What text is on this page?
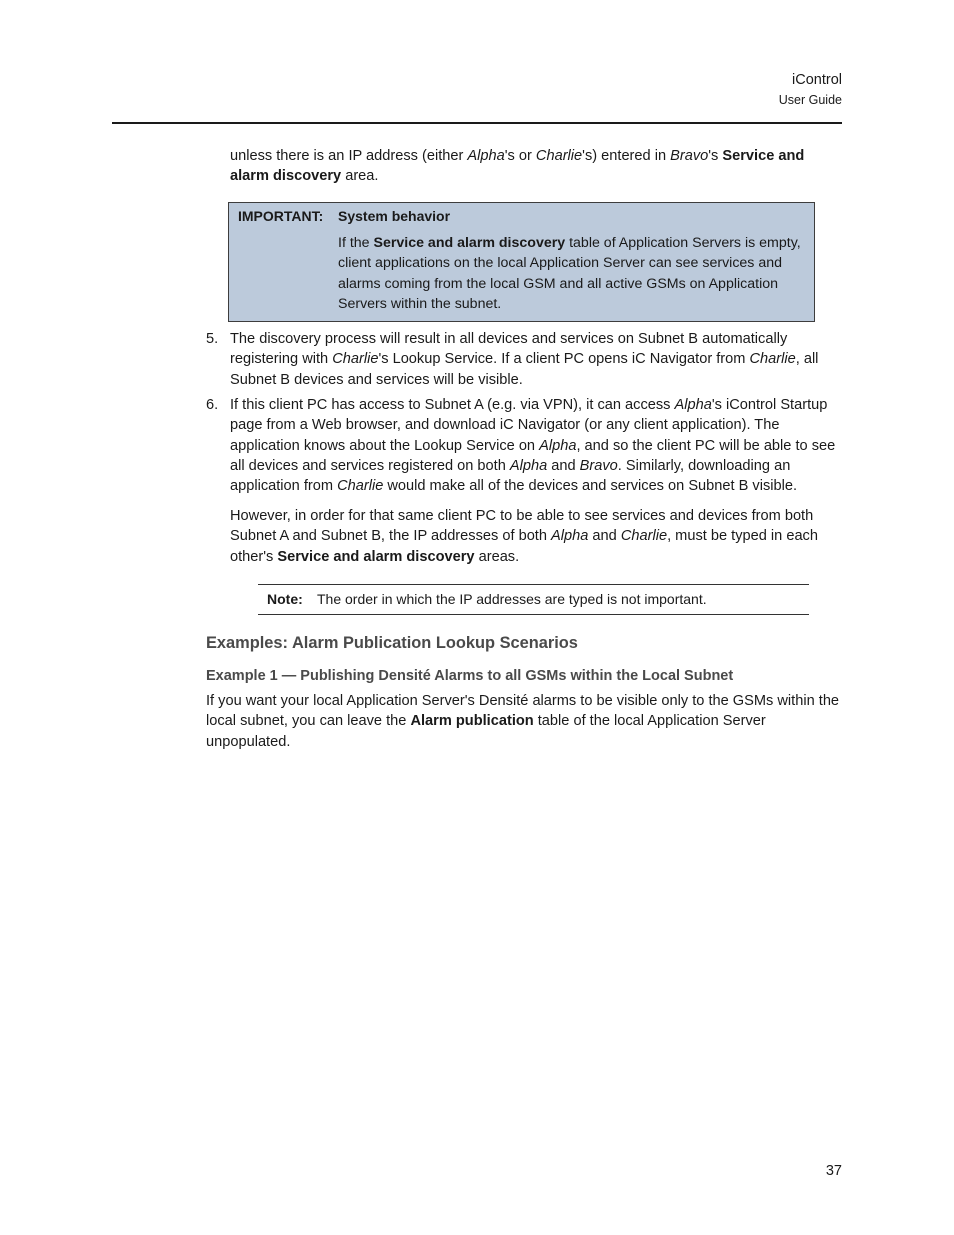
iControl
User Guide
unless there is an IP address (either Alpha's or Charlie's) entered in Bravo's Service and alarm discovery area.
IMPORTANT: System behavior
If the Service and alarm discovery table of Application Servers is empty, client applications on the local Application Server can see services and alarms coming from the local GSM and all active GSMs on Application Servers within the subnet.
5. The discovery process will result in all devices and services on Subnet B automatically registering with Charlie's Lookup Service. If a client PC opens iC Navigator from Charlie, all Subnet B devices and services will be visible.
6. If this client PC has access to Subnet A (e.g. via VPN), it can access Alpha's iControl Startup page from a Web browser, and download iC Navigator (or any client application). The application knows about the Lookup Service on Alpha, and so the client PC will be able to see all devices and services registered on both Alpha and Bravo. Similarly, downloading an application from Charlie would make all of the devices and services on Subnet B visible.
However, in order for that same client PC to be able to see services and devices from both Subnet A and Subnet B, the IP addresses of both Alpha and Charlie, must be typed in each other's Service and alarm discovery areas.
Note: The order in which the IP addresses are typed is not important.
Examples: Alarm Publication Lookup Scenarios
Example 1 — Publishing Densité Alarms to all GSMs within the Local Subnet
If you want your local Application Server's Densité alarms to be visible only to the GSMs within the local subnet, you can leave the Alarm publication table of the local Application Server unpopulated.
37
